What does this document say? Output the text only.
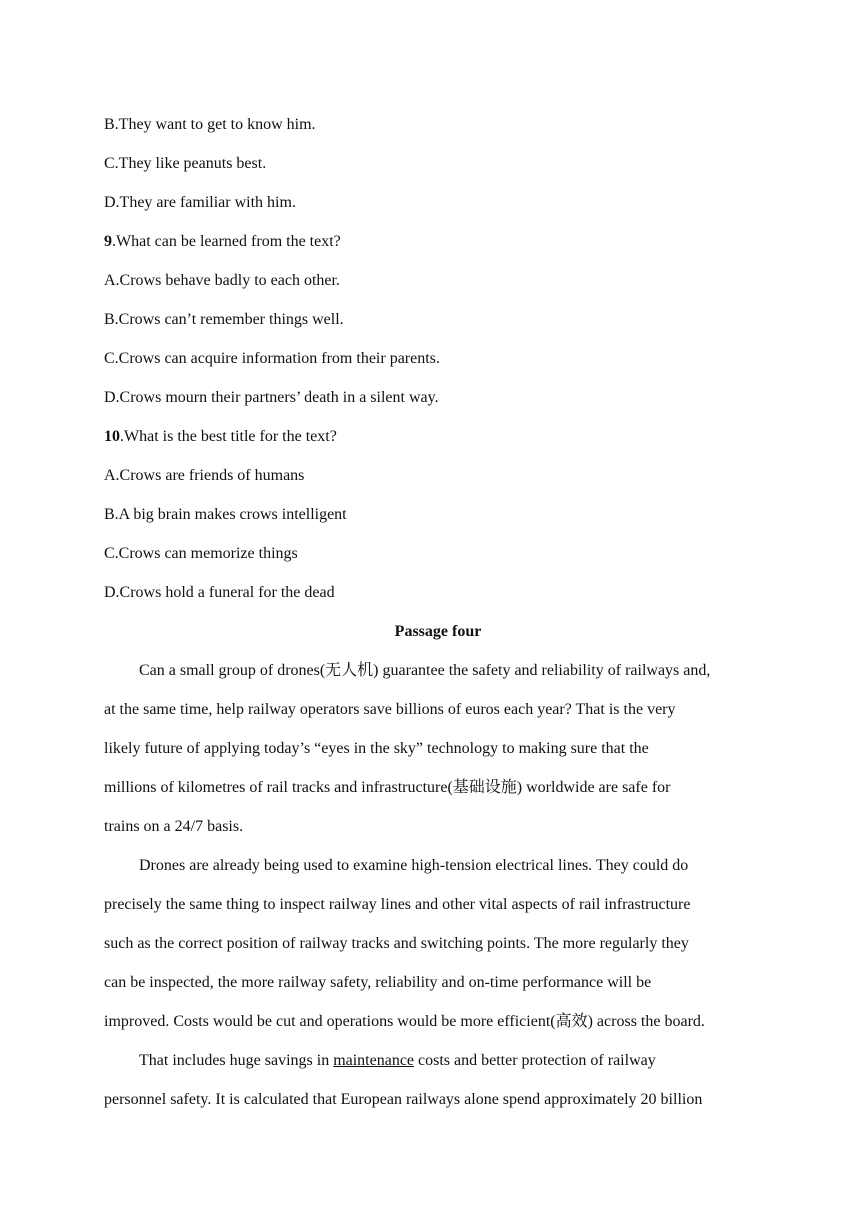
B.They want to get to know him.
C.They like peanuts best.
D.They are familiar with him.
9.What can be learned from the text?
A.Crows behave badly to each other.
B.Crows can’t remember things well.
C.Crows can acquire information from their parents.
D.Crows mourn their partners’ death in a silent way.
10.What is the best title for the text?
A.Crows are friends of humans
B.A big brain makes crows intelligent
C.Crows can memorize things
D.Crows hold a funeral for the dead
Passage four
Can a small group of drones(无人机) guarantee the safety and reliability of railways and,
at the same time, help railway operators save billions of euros each year? That is the very
likely future of applying today’s “eyes in the sky” technology to making sure that the
millions of kilometres of rail tracks and infrastructure(基础设施) worldwide are safe for
trains on a 24/7 basis.
Drones are already being used to examine high-tension electrical lines. They could do
precisely the same thing to inspect railway lines and other vital aspects of rail infrastructure
such as the correct position of railway tracks and switching points. The more regularly they
can be inspected, the more railway safety, reliability and on-time performance will be
improved. Costs would be cut and operations would be more efficient(高效) across the board.
That includes huge savings in maintenance costs and better protection of railway
personnel safety. It is calculated that European railways alone spend approximately 20 billion
